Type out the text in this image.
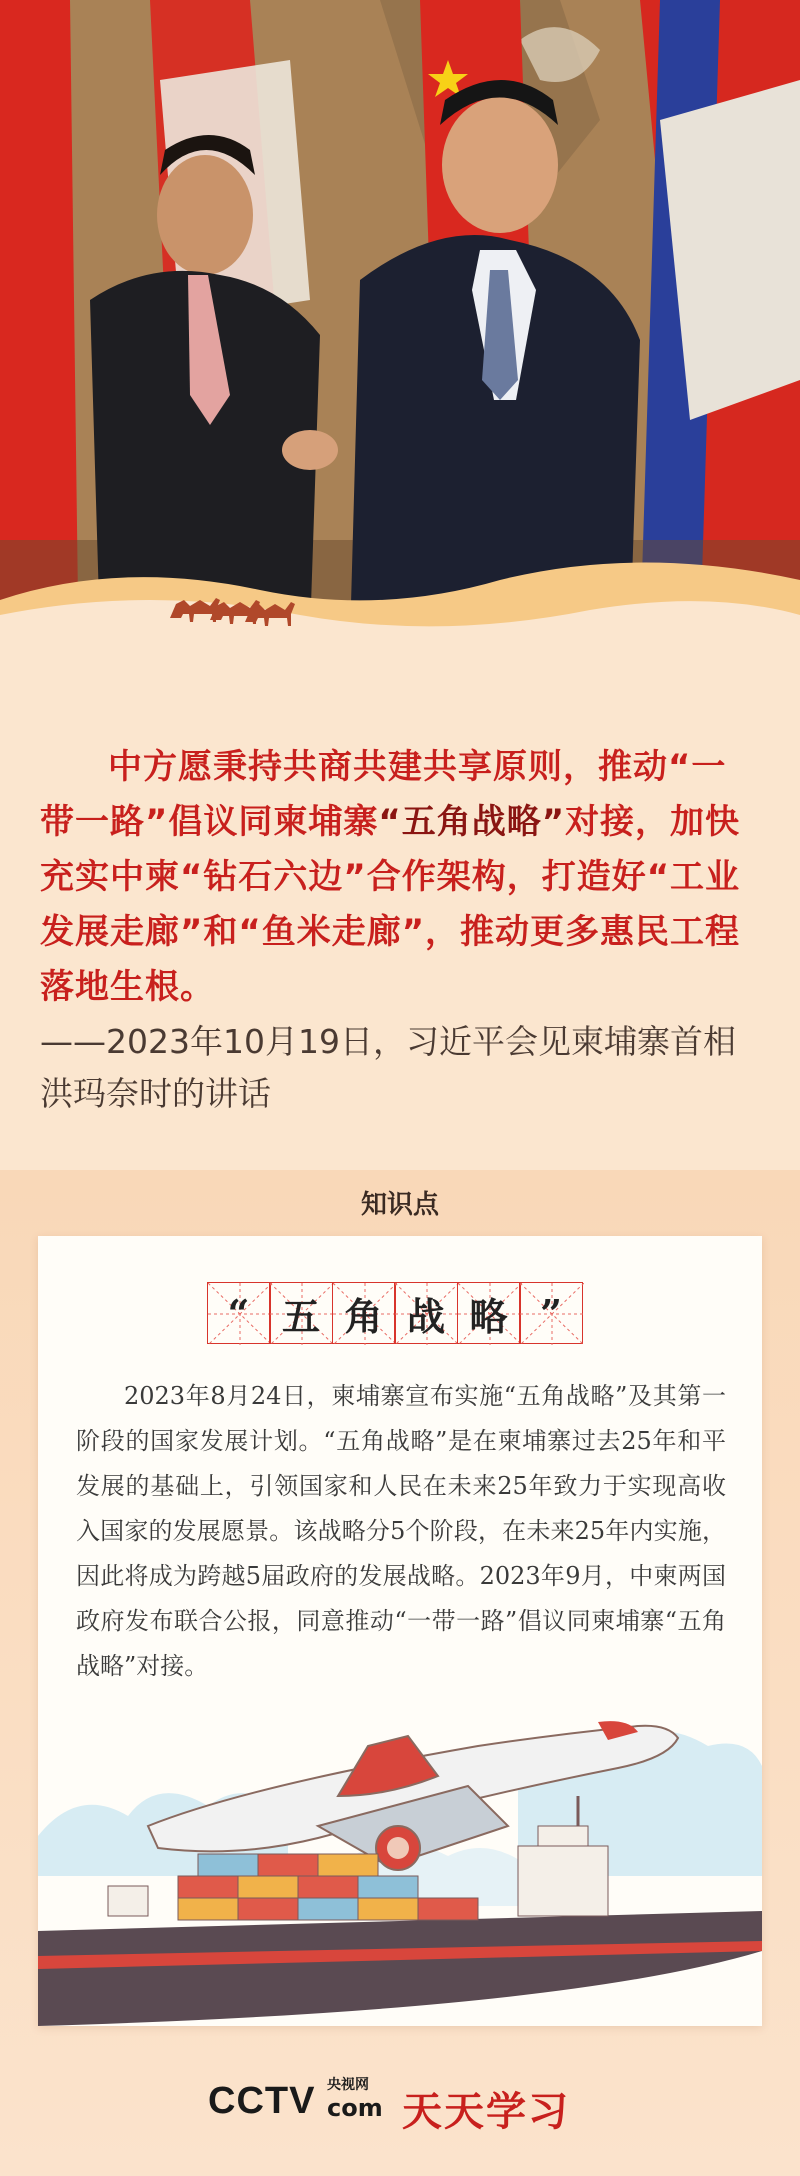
中方愿秉持共商共建共享原则，推动“一带一路”倡议同柬埔寨“五角战略”对接，加快充实中柬“钻石六边”合作架构，打造好“工业发展走廊”和“鱼米走廊”，推动更多惠民工程落地生根。
——2023年10月19日，习近平会见柬埔寨首相洪玛奈时的讲话
知识点
“ 五 角 战 略 ”
2023年8月24日，柬埔寨宣布实施“五角战略”及其第一阶段的国家发展计划。“五角战略”是在柬埔寨过去25年和平发展的基础上，引领国家和人民在未来25年致力于实现高收入国家的发展愿景。该战略分5个阶段，在未来25年内实施，因此将成为跨越5届政府的发展战略。2023年9月，中柬两国政府发布联合公报，同意推动“一带一路”倡议同柬埔寨“五角战略”对接。
CCTV 央视网
com 天天学习
